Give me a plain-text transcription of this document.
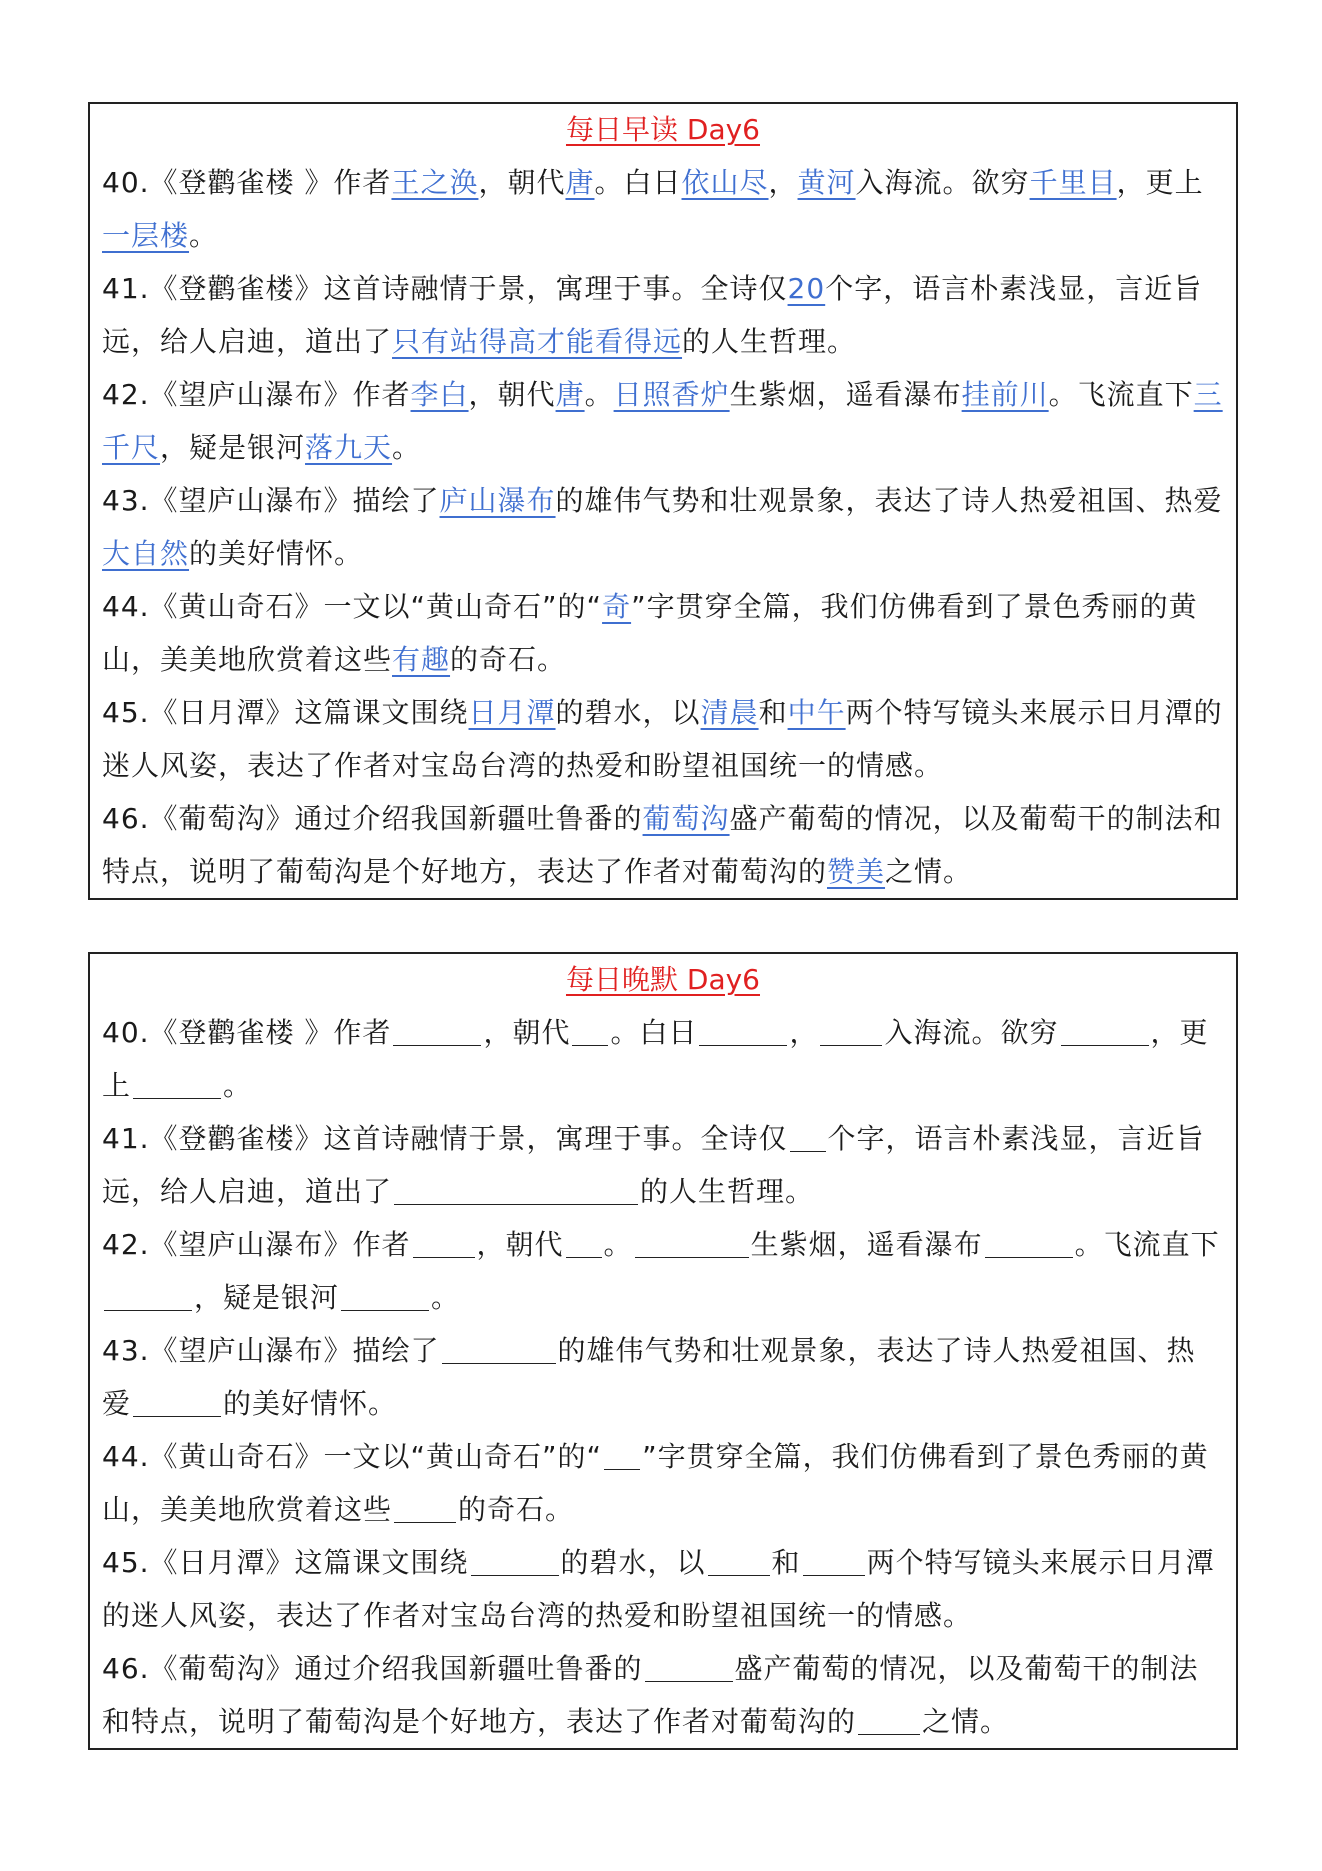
每日早读 Day6
40.《登鹳雀楼 》作者王之涣，朝代唐。白日依山尽，黄河入海流。欲穷千里目，更上一层楼。
41.《登鹳雀楼》这首诗融情于景，寓理于事。全诗仅20个字，语言朴素浅显，言近旨远，给人启迪，道出了只有站得高才能看得远的人生哲理。
42.《望庐山瀑布》作者李白，朝代唐。日照香炉生紫烟，遥看瀑布挂前川。飞流直下三千尺，疑是银河落九天。
43.《望庐山瀑布》描绘了庐山瀑布的雄伟气势和壮观景象，表达了诗人热爱祖国、热爱大自然的美好情怀。
44.《黄山奇石》一文以“黄山奇石”的“奇”字贯穿全篇，我们仿佛看到了景色秀丽的黄山，美美地欣赏着这些有趣的奇石。
45.《日月潭》这篇课文围绕日月潭的碧水，以清晨和中午两个特写镜头来展示日月潭的迷人风姿，表达了作者对宝岛台湾的热爱和盼望祖国统一的情感。
46.《葡萄沟》通过介绍我国新疆吐鲁番的葡萄沟盛产葡萄的情况，以及葡萄干的制法和特点，说明了葡萄沟是个好地方，表达了作者对葡萄沟的赞美之情。
每日晚默 Day6
40.《登鹳雀楼 》作者	，朝代 。白日	， 入海流。欲穷	，更上	。
41.《登鹳雀楼》这首诗融情于景，寓理于事。全诗仅 个字，语言朴素浅显，言近旨远，给人启迪，道出了	的人生哲理。
42.《望庐山瀑布》作者 ，朝代 。	生紫烟，遥看瀑布	。飞流直下，疑是银河	。
43.《望庐山瀑布》描绘了	的雄伟气势和壮观景象，表达了诗人热爱祖国、热爱	的美好情怀。
44.《黄山奇石》一文以“黄山奇石”的“ ”字贯穿全篇，我们仿佛看到了景色秀丽的黄山，美美地欣赏着这些 的奇石。
45.《日月潭》这篇课文围绕	的碧水，以 和 两个特写镜头来展示日月潭的迷人风姿，表达了作者对宝岛台湾的热爱和盼望祖国统一的情感。
46.《葡萄沟》通过介绍我国新疆吐鲁番的	盛产葡萄的情况，以及葡萄干的制法和特点，说明了葡萄沟是个好地方，表达了作者对葡萄沟的 之情。
